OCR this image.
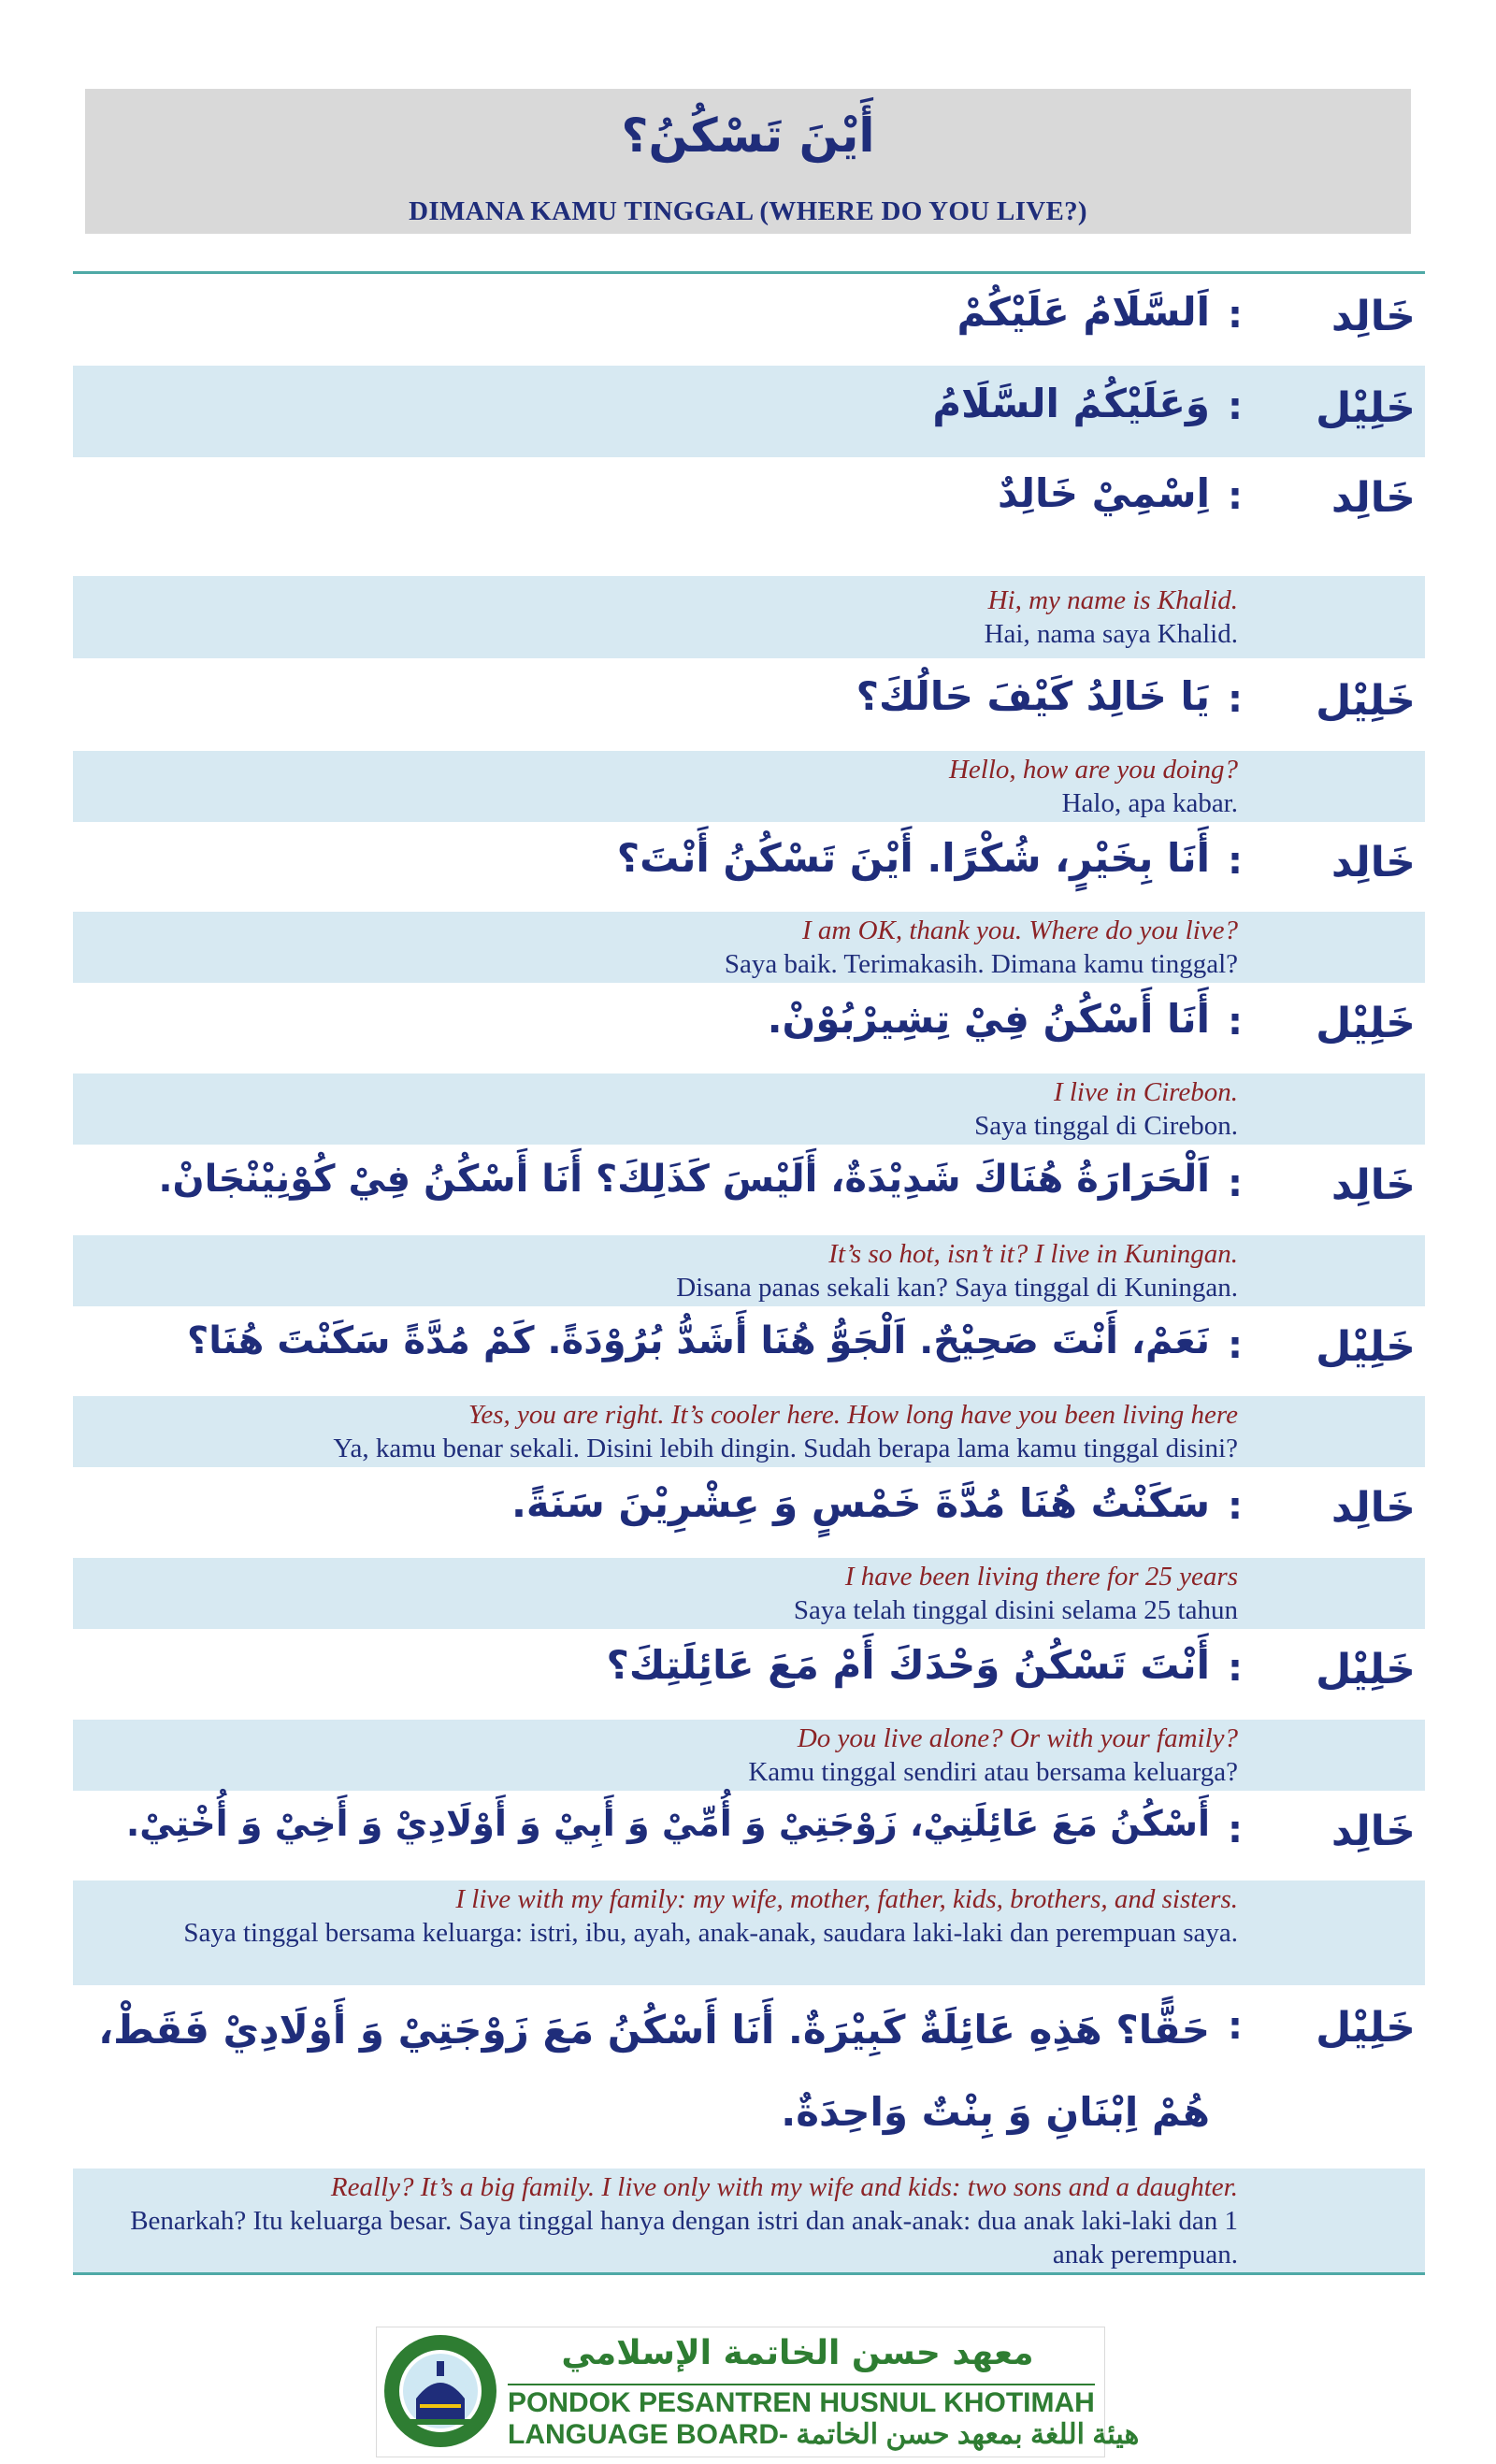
أَيْنَ تَسْكُنُ؟
DIMANA KAMU TINGGAL (WHERE DO YOU LIVE?)
خَالِد
:
اَلسَّلَامُ عَلَيْكُمْ
خَلِيْل
:
وَعَلَيْكُمُ السَّلَامُ
خَالِد
:
اِسْمِيْ خَالِدٌ
Hi, my name is Khalid.
Hai, nama saya Khalid.
خَلِيْل
:
يَا خَالِدُ كَيْفَ حَالُكَ؟
Hello, how are you doing?
Halo, apa kabar.
خَالِد
:
أَنَا بِخَيْرٍ، شُكْرًا. أَيْنَ تَسْكُنُ أَنْتَ؟
I am OK, thank you. Where do you live?
Saya baik. Terimakasih. Dimana kamu tinggal?
خَلِيْل
:
أَنَا أَسْكُنُ فِيْ تِشِيرْبُوْنْ.
I live in Cirebon.
Saya tinggal di Cirebon.
خَالِد
:
اَلْحَرَارَةُ هُنَاكَ شَدِيْدَةٌ، أَلَيْسَ كَذَلِكَ؟ أَنَا أَسْكُنُ فِيْ كُوْنِيْنْجَانْ.
It’s so hot, isn’t it? I live in Kuningan.
Disana panas sekali kan? Saya tinggal di Kuningan.
خَلِيْل
:
نَعَمْ، أَنْتَ صَحِيْحٌ. اَلْجَوُّ هُنَا أَشَدُّ بُرُوْدَةً. كَمْ مُدَّةً سَكَنْتَ هُنَا؟
Yes, you are right. It’s cooler here. How long have you been living here
Ya, kamu benar sekali. Disini lebih dingin. Sudah berapa lama kamu tinggal disini?
خَالِد
:
سَكَنْتُ هُنَا مُدَّةَ خَمْسٍ وَ عِشْرِيْنَ سَنَةً.
I have been living there for 25 years
Saya telah tinggal disini selama 25 tahun
خَلِيْل
:
أَنْتَ تَسْكُنُ وَحْدَكَ أَمْ مَعَ عَائِلَتِكَ؟
Do you live alone? Or with your family?
Kamu tinggal sendiri atau bersama keluarga?
خَالِد
:
أَسْكُنُ مَعَ عَائِلَتِيْ، زَوْجَتِيْ وَ أُمِّيْ وَ أَبِيْ وَ أَوْلَادِيْ وَ أَخِيْ وَ أُخْتِيْ.
I live with my family: my wife, mother, father, kids, brothers, and sisters.
Saya tinggal bersama keluarga: istri, ibu, ayah, anak-anak, saudara laki-laki dan perempuan saya.
خَلِيْل
:
حَقًّا؟ هَذِهِ عَائِلَةٌ كَبِيْرَةٌ. أَنَا أَسْكُنُ مَعَ زَوْجَتِيْ وَ أَوْلَادِيْ فَقَطْ، هُمْ اِبْنَانِ وَ بِنْتٌ وَاحِدَةٌ.
Really? It’s a big family. I live only with my wife and kids: two sons and a daughter.
Benarkah? Itu keluarga besar. Saya tinggal hanya dengan istri dan anak-anak: dua anak laki-laki dan 1 anak perempuan.
معهد حسن الخاتمة الإسلامي
PONDOK PESANTREN HUSNUL KHOTIMAH
LANGUAGE BOARD- هيئة اللغة بمعهد حسن الخاتمة
